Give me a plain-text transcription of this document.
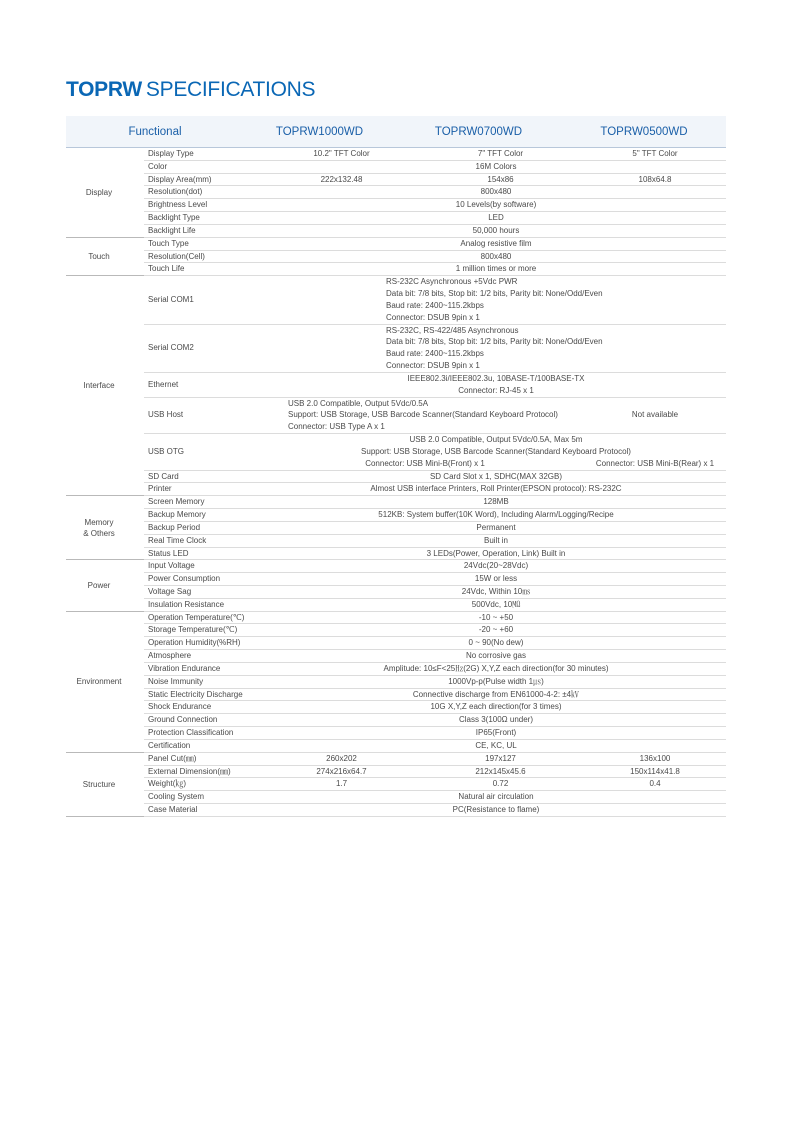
TOPRW SPECIFICATIONS
Functional	TOPRW1000WD	TOPRW0700WD	TOPRW0500WD
Display		Display Type		10.2" TFT Color	7" TFT Color	5" TFT Color
		Color		16M Colors		
		Display Area(mm)		222x132.48	154x86	108x64.8
		Resolution(dot)		800x480		
		Brightness Level		10 Levels(by software)		
		Backlight Type		LED		
		Backlight Life		50,000 hours		
Touch		Touch Type		Analog resistive film		
		Resolution(Cell)		800x480		
		Touch Life		1 million times or more		
Interface		Serial COM1		RS-232C Asynchronous +5Vdc PWR
Data bit: 7/8 bits, Stop bit: 1/2 bits, Parity bit: None/Odd/Even
Baud rate: 2400~115.2kbps
Connector: DSUB 9pin x 1		

		Serial COM2		RS-232C, RS-422/485 Asynchronous
Data bit: 7/8 bits, Stop bit: 1/2 bits, Parity bit: None/Odd/Even
Baud rate: 2400~115.2kbps
Connector: DSUB 9pin x 1		

		Ethernet		IEEE802.3i/IEEE802.3u, 10BASE-T/100BASE-TX
Connector: RJ-45 x 1		

		USB Host		USB 2.0 Compatible, Output 5Vdc/0.5A
Support: USB Storage, USB Barcode Scanner(Standard Keyboard Protocol)
Connector: USB Type A x 1		Not available
		USB OTG		USB 2.0 Compatible, Output 5Vdc/0.5A, Max 5m
Support: USB Storage, USB Barcode Scanner(Standard Keyboard Protocol)		

				Connector: USB Mini-B(Front) x 1		Connector: USB Mini-B(Rear) x 1
		SD Card		SD Card Slot x 1, SDHC(MAX 32GB)		
		Printer		Almost USB interface Printers, Roll Printer(EPSON protocol): RS-232C		
Memory
& Others		Screen Memory		128MB		
		Backup Memory		512KB: System buffer(10K Word), Including Alarm/Logging/Recipe		
		Backup Period		Permanent		
		Real Time Clock		Built in		
		Status LED		3 LEDs(Power, Operation, Link) Built in		
Power		Input Voltage		24Vdc(20~28Vdc)		
		Power Consumption		15W or less		
		Voltage Sag		24Vdc, Within 10㎳		
		Insulation Resistance		500Vdc, 10㏁		
Environment		Operation Temperature(℃)		-10 ~ +50		
		Storage Temperature(℃)		-20 ~ +60		
		Operation Humidity(%RH)		0 ~ 90(No dew)		
		Atmosphere		No corrosive gas		
		Vibration Endurance		Amplitude: 10≤F<25㎐(2G) X,Y,Z each direction(for 30 minutes)		
		Noise Immunity		1000Vp-p(Pulse width 1㎲)		
		Static Electricity Discharge		Connective discharge from EN61000-4-2: ±4㎸		
		Shock Endurance		10G X,Y,Z each direction(for 3 times)		
		Ground Connection		Class 3(100Ω under)		
		Protection Classification		IP65(Front)		
		Certification		CE, KC, UL		
Structure		Panel Cut(㎜)		260x202	197x127	136x100
		External Dimension(㎜)		274x216x64.7	212x145x45.6	150x114x41.8
		Weight(㎏)		1.7	0.72	0.4
		Cooling System		Natural air circulation		
		Case Material		PC(Resistance to flame)		
